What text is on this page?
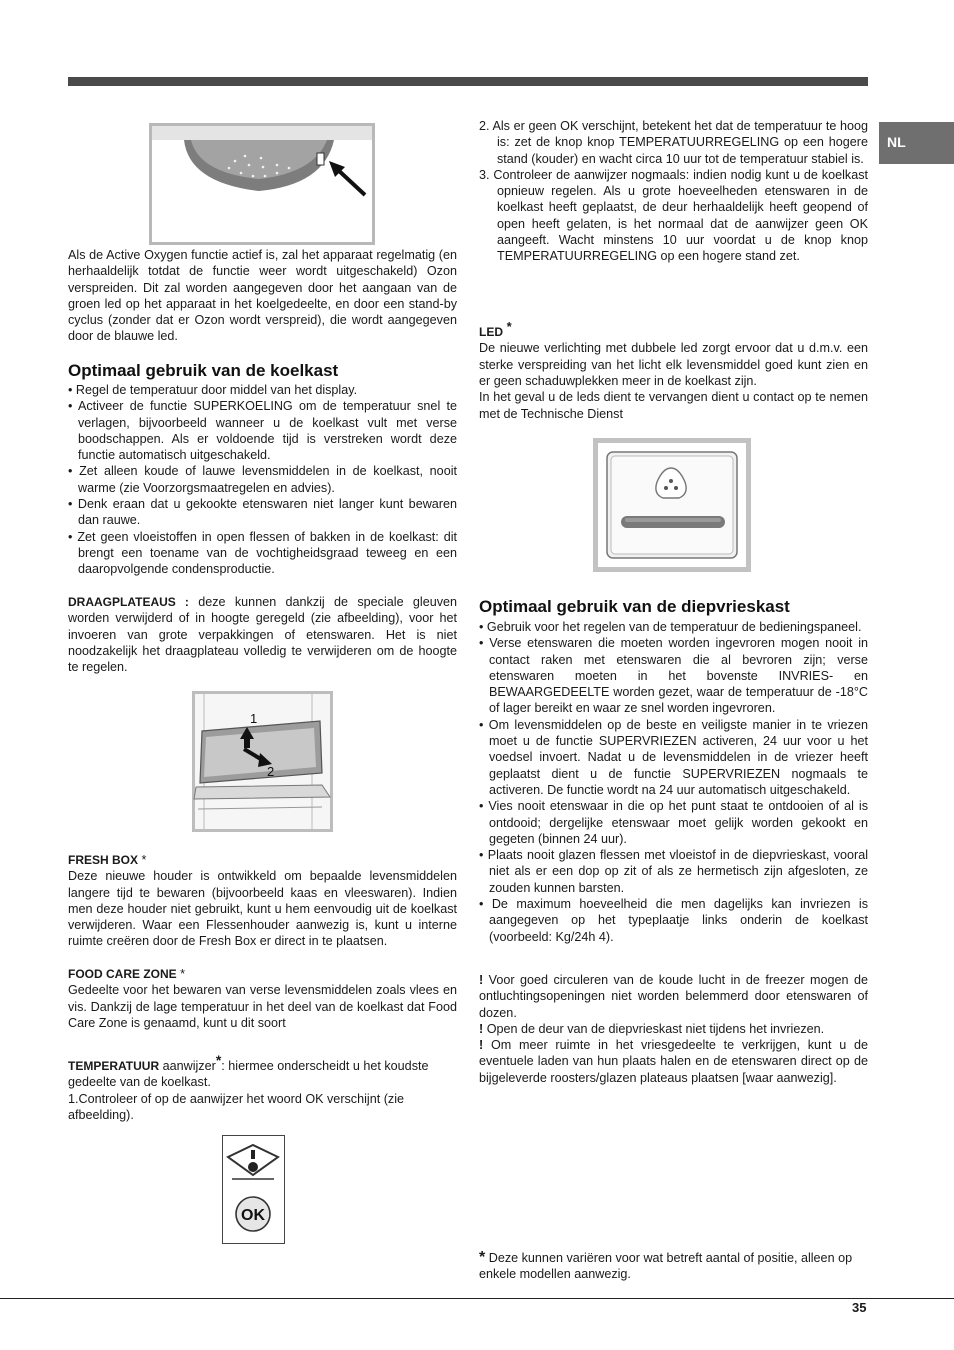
NL

Als de Active Oxygen functie actief is, zal het apparaat regelmatig (en herhaaldelijk totdat de functie weer wordt uitgeschakeld) Ozon verspreiden. Dit zal worden aangegeven door het aangaan van de groen led op het apparaat in het koelgedeelte, en door een stand-by cyclus (zonder dat er Ozon wordt verspreid), die wordt aangegeven door de blauwe led.

Optimaal gebruik van de koelkast

• Regel de temperatuur door middel van het display.

• Activeer de functie SUPERKOELING om de temperatuur snel te verlagen, bijvoorbeeld wanneer u de koelkast vult met verse boodschappen. Als er voldoende tijd is verstreken wordt deze functie automatisch uitgeschakeld.

• Zet alleen koude of lauwe levensmiddelen in de koelkast, nooit warme (zie Voorzorgsmaatregelen en advies).

• Denk eraan dat u gekookte etenswaren niet langer kunt bewaren dan rauwe.

• Zet geen vloeistoffen in open flessen of bakken in de koelkast: dit brengt een toename van de vochtigheidsgraad teweeg en een daaropvolgende condensproductie.

DRAAGPLATEAUS : deze kunnen dankzij de speciale gleuven worden verwijderd of in hoogte geregeld (zie afbeelding), voor het invoeren van grote verpakkingen of etenswaren. Het is niet noodzakelijk het draagplateau volledig te verwijderen om de hoogte te regelen.

1
2

FRESH BOX *

Deze nieuwe houder is ontwikkeld om bepaalde levensmiddelen langere tijd te bewaren (bijvoorbeeld kaas en vleeswaren). Indien men deze houder niet gebruikt, kunt u hem eenvoudig uit de koelkast verwijderen. Waar een Flessenhouder aanwezig is, kunt u interne ruimte creëren door de Fresh Box er direct in te plaatsen.

FOOD CARE ZONE *

Gedeelte voor het bewaren van verse levensmiddelen zoals vlees en vis. Dankzij de lage temperatuur in het deel van de koelkast dat Food Care Zone is genaamd, kunt u dit soort

TEMPERATUUR aanwijzer*: hiermee onderscheidt u het koudste gedeelte van de koelkast.

1.Controleer of op de aanwijzer het woord OK verschijnt (zie afbeelding).

OK

2. Als er geen OK verschijnt, betekent het dat de temperatuur te hoog is: zet de knop knop TEMPERATUURREGELING op een hogere stand (kouder) en wacht circa 10 uur tot de temperatuur stabiel is.

3. Controleer de aanwijzer nogmaals: indien nodig kunt u de koelkast opnieuw regelen. Als u grote hoeveelheden etenswaren in de koelkast heeft geplaatst, de deur herhaaldelijk heeft geopend of open heeft gelaten, is het normaal dat de aanwijzer geen OK aangeeft. Wacht minstens 10 uur voordat u de knop knop TEMPERATUURREGELING op een hogere stand zet.

LED *

De nieuwe verlichting met dubbele led zorgt ervoor dat u d.m.v. een sterke verspreiding van het licht elk levensmiddel goed kunt zien en er geen schaduwplekken meer in de koelkast zijn.

In het geval u de leds dient te vervangen dient u contact op te nemen met de Technische Dienst

Optimaal gebruik van de diepvrieskast

• Gebruik voor het regelen van de temperatuur de bedieningspaneel.

• Verse etenswaren die moeten worden ingevroren mogen nooit in contact raken met etenswaren die al bevroren zijn; verse etenswaren moeten in het bovenste INVRIES- en BEWAARGEDEELTE worden gezet, waar de temperatuur de -18°C of lager bereikt en waar ze snel worden ingevroren.

• Om levensmiddelen op de beste en veiligste manier in te vriezen moet u de functie SUPERVRIEZEN activeren, 24 uur voor u het voedsel invoert. Nadat u de levensmiddelen in de vriezer heeft geplaatst dient u de functie SUPERVRIEZEN nogmaals te activeren. De functie wordt na 24 uur automatisch uitgeschakeld.

• Vies nooit etenswaar in die op het punt staat te ontdooien of al is ontdooid; dergelijke etenswaar moet gelijk worden gekookt en gegeten (binnen 24 uur).

• Plaats nooit glazen flessen met vloeistof in de diepvrieskast, vooral niet als er een dop op zit of als ze hermetisch zijn afgesloten, ze zouden kunnen barsten.

• De maximum hoeveelheid die men dagelijks kan invriezen is aangegeven op het typeplaatje links onderin de koelkast (voorbeeld: Kg/24h 4).

! Voor goed circuleren van de koude lucht in de freezer mogen de ontluchtingsopeningen niet worden belemmerd door etenswaren of dozen.

! Open de deur van de diepvrieskast niet tijdens het invriezen.

! Om meer ruimte in het vriesgedeelte te verkrijgen, kunt u de eventuele laden van hun plaats halen en de etenswaren direct op de bijgeleverde roosters/glazen plateaus plaatsen [waar aanwezig].

* Deze kunnen variëren voor wat betreft aantal of positie, alleen op enkele modellen aanwezig.

35
